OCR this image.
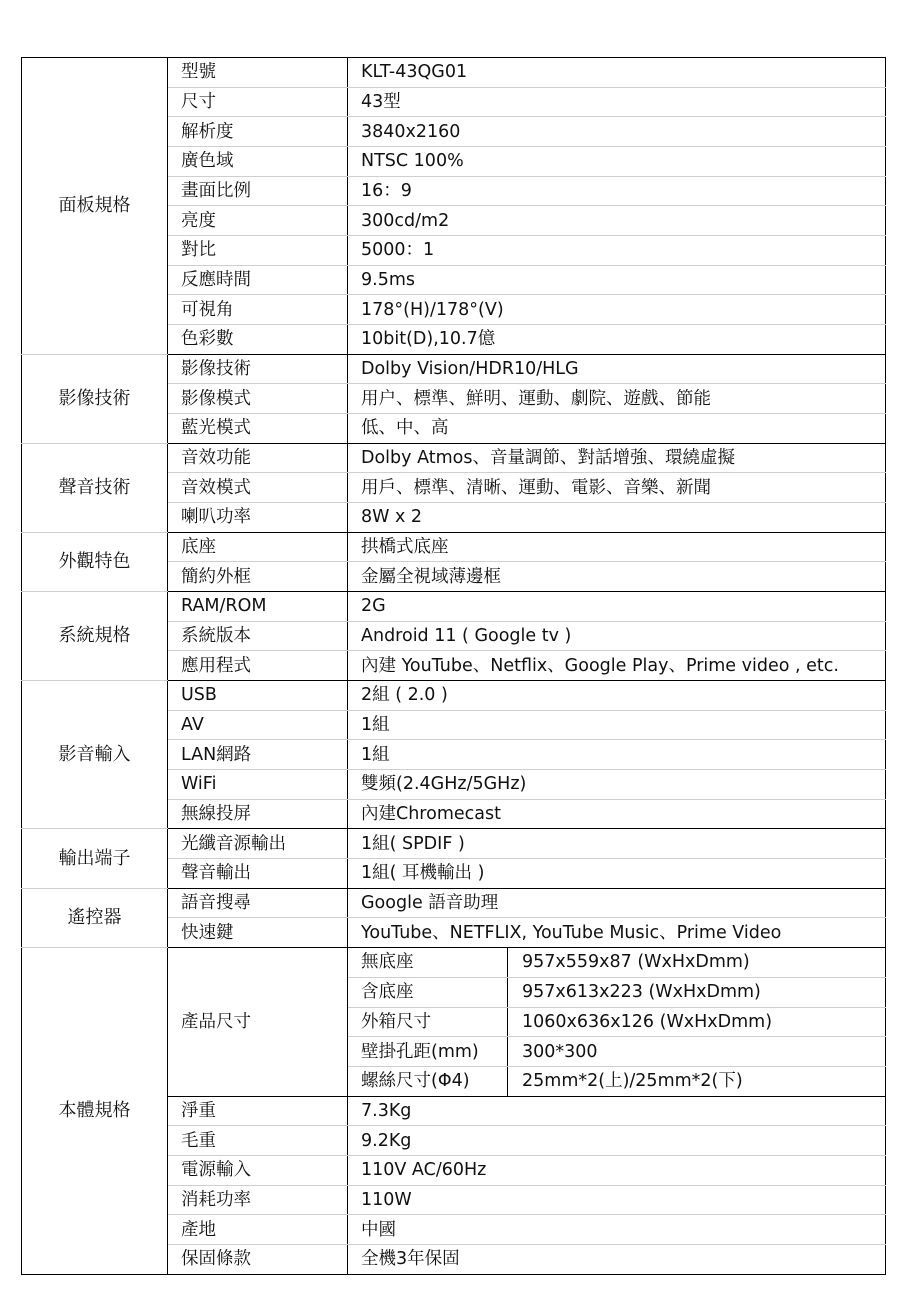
面板規格	型號	KLT-43QG01	
	尺寸	43型	
	解析度	3840x2160	
	廣色域	NTSC 100%	
	畫面比例	16：9	
	亮度	300cd/m2	
	對比	5000：1	
	反應時間	9.5ms	
	可視角	178°(H)/178°(V)	
	色彩數	10bit(D),10.7億	
影像技術	影像技術	Dolby Vision/HDR10/HLG	
	影像模式	用户、標準、鮮明、運動、劇院、遊戲、節能	
	藍光模式	低、中、高	
聲音技術	音效功能	Dolby Atmos、音量調節、對話增強、環繞虛擬	
	音效模式	用戶、標準、清晰、運動、電影、音樂、新聞	
	喇叭功率	8W x 2	
外觀特色	底座	拱橋式底座	
	簡約外框	金屬全視域薄邊框	
系統規格	RAM/ROM	2G	
	系統版本	Android 11 ( Google tv )	
	應用程式	內建 YouTube、Netflix、Google Play、Prime video , etc.	
影音輸入	USB	2組 ( 2.0 )	
	AV	1組	
	LAN網路	1組	
	WiFi	雙頻(2.4GHz/5GHz)	
	無線投屏	內建Chromecast	
輸出端子	光纖音源輸出	1組( SPDIF )	
	聲音輸出	1組( 耳機輸出 )	
遙控器	語音搜尋	Google 語音助理	
	快速鍵	YouTube、NETFLIX, YouTube Music、Prime Video	
本體規格	產品尺寸	無底座	957x559x87 (WxHxDmm)
		含底座	957x613x223 (WxHxDmm)
		外箱尺寸	1060x636x126 (WxHxDmm)
		壁掛孔距(mm)	300*300
		螺絲尺寸(Φ4)	25mm*2(上)/25mm*2(下)
	淨重	7.3Kg	
	毛重	9.2Kg	
	電源輸入	110V AC/60Hz	
	消耗功率	110W	
	產地	中國	
	保固條款	全機3年保固	
